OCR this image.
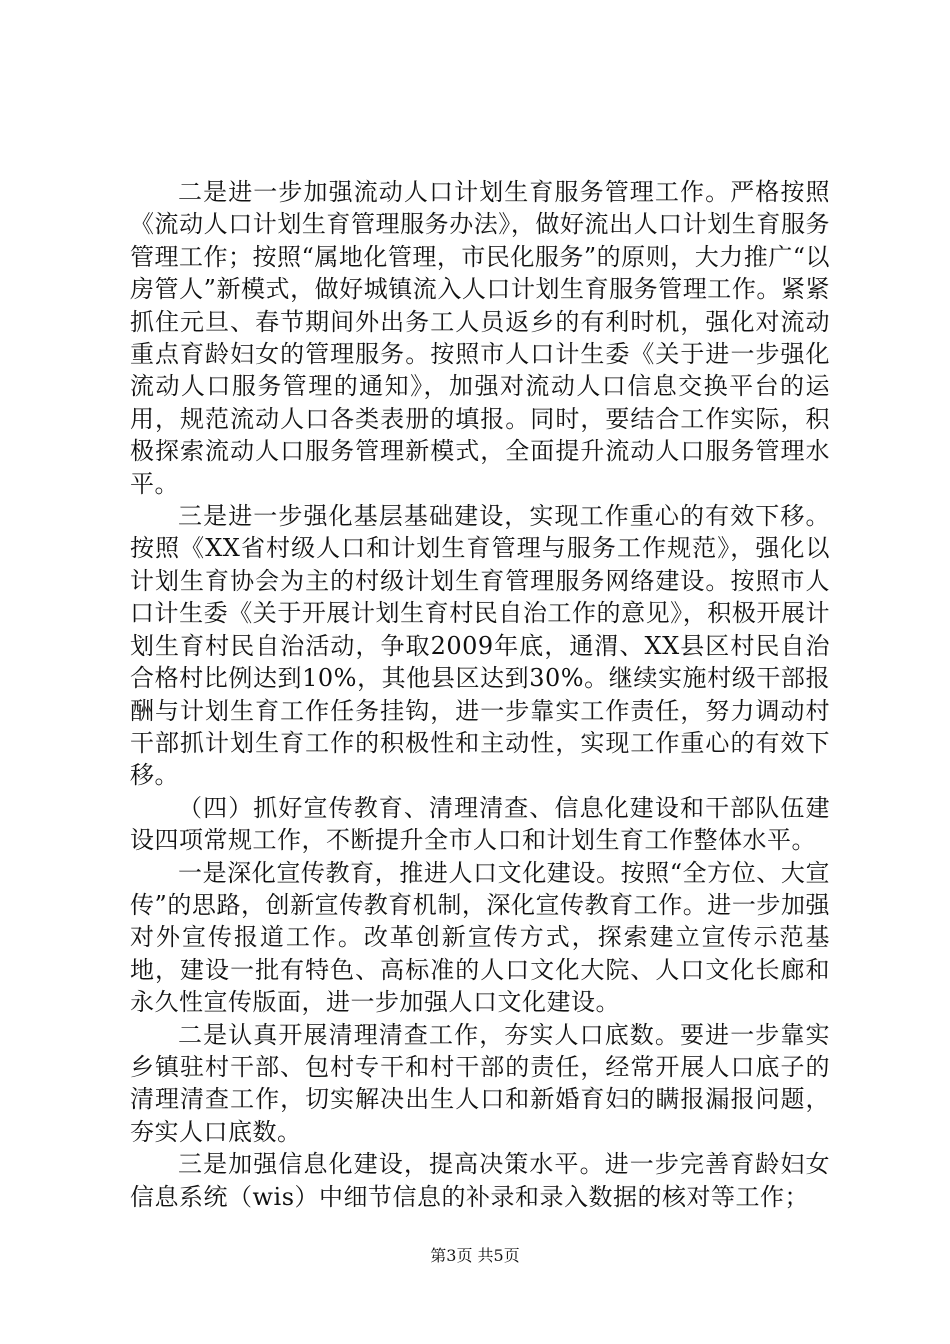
二是进一步加强流动人口计划生育服务管理工作。严格按照《流动人口计划生育管理服务办法》，做好流出人口计划生育服务管理工作；按照“属地化管理，市民化服务”的原则，大力推广“以房管人”新模式，做好城镇流入人口计划生育服务管理工作。紧紧抓住元旦、春节期间外出务工人员返乡的有利时机，强化对流动重点育龄妇女的管理服务。按照市人口计生委《关于进一步强化流动人口服务管理的通知》，加强对流动人口信息交换平台的运用，规范流动人口各类表册的填报。同时，要结合工作实际，积极探索流动人口服务管理新模式，全面提升流动人口服务管理水平。

三是进一步强化基层基础建设，实现工作重心的有效下移。按照《XX省村级人口和计划生育管理与服务工作规范》，强化以计划生育协会为主的村级计划生育管理服务网络建设。按照市人口计生委《关于开展计划生育村民自治工作的意见》，积极开展计划生育村民自治活动，争取2009年底，通渭、XX县区村民自治合格村比例达到10%，其他县区达到30%。继续实施村级干部报酬与计划生育工作任务挂钩，进一步靠实工作责任，努力调动村干部抓计划生育工作的积极性和主动性，实现工作重心的有效下移。

（四）抓好宣传教育、清理清查、信息化建设和干部队伍建设四项常规工作，不断提升全市人口和计划生育工作整体水平。

一是深化宣传教育，推进人口文化建设。按照“全方位、大宣传”的思路，创新宣传教育机制，深化宣传教育工作。进一步加强对外宣传报道工作。改革创新宣传方式，探索建立宣传示范基地，建设一批有特色、高标准的人口文化大院、人口文化长廊和永久性宣传版面，进一步加强人口文化建设。

二是认真开展清理清查工作，夯实人口底数。要进一步靠实乡镇驻村干部、包村专干和村干部的责任，经常开展人口底子的清理清查工作，切实解决出生人口和新婚育妇的瞒报漏报问题，夯实人口底数。

三是加强信息化建设，提高决策水平。进一步完善育龄妇女信息系统（wis）中细节信息的补录和录入数据的核对等工作；

第3页 共5页
